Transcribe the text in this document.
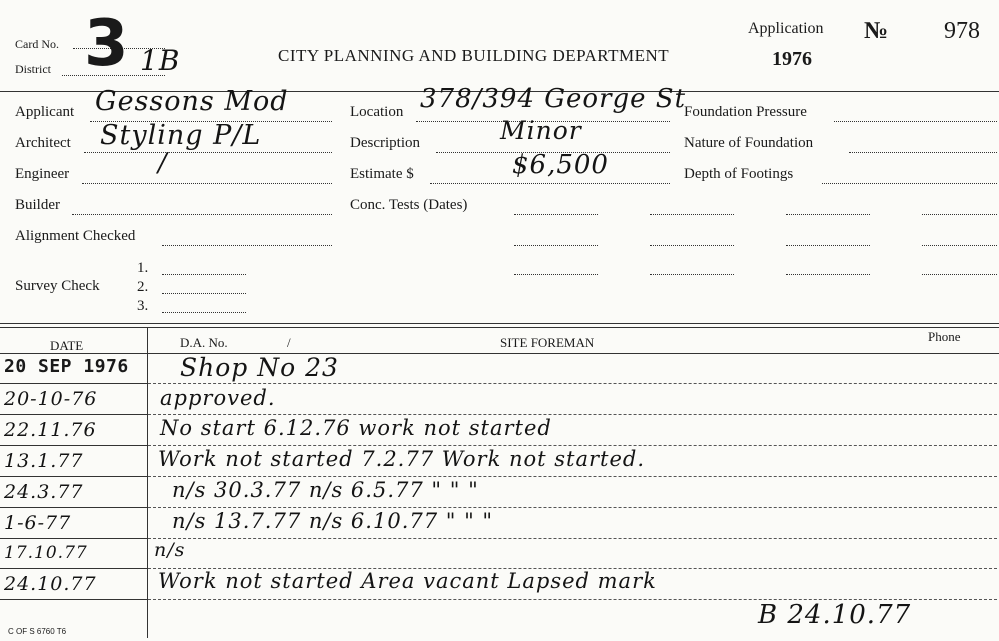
Card No.
District 3 1B	CITY PLANNING AND BUILDING DEPARTMENT
Application
1976
№ 978
Applicant Gessons Mod
Architect Styling P/L
Engineer	/
Builder
Alignment Checked
Survey Check
1.
2.
3.
Location 378/394 George St
Description	Minor
Estimate $	$6,500
Conc. Tests (Dates)
Foundation Pressure
Nature of Foundation
Depth of Footings
DATE	D.A. No.	/	SITE FOREMAN	Phone
20 SEP 1976 Shop No 23
20-10-76	approved.
22.11.76	No start 6.12.76 work not started
13.1.77	Work not started 7.2.77 Work not started.
24.3.77	n/s 30.3.77 n/s 6.5.77 " " "
1-6-77	n/s 13.7.77 n/s 6.10.77 " " "
17.10.77	n/s
24.10.77	Work not started Area vacant Lapsed mark
B 24.10.77
C OF S 6760 T6
